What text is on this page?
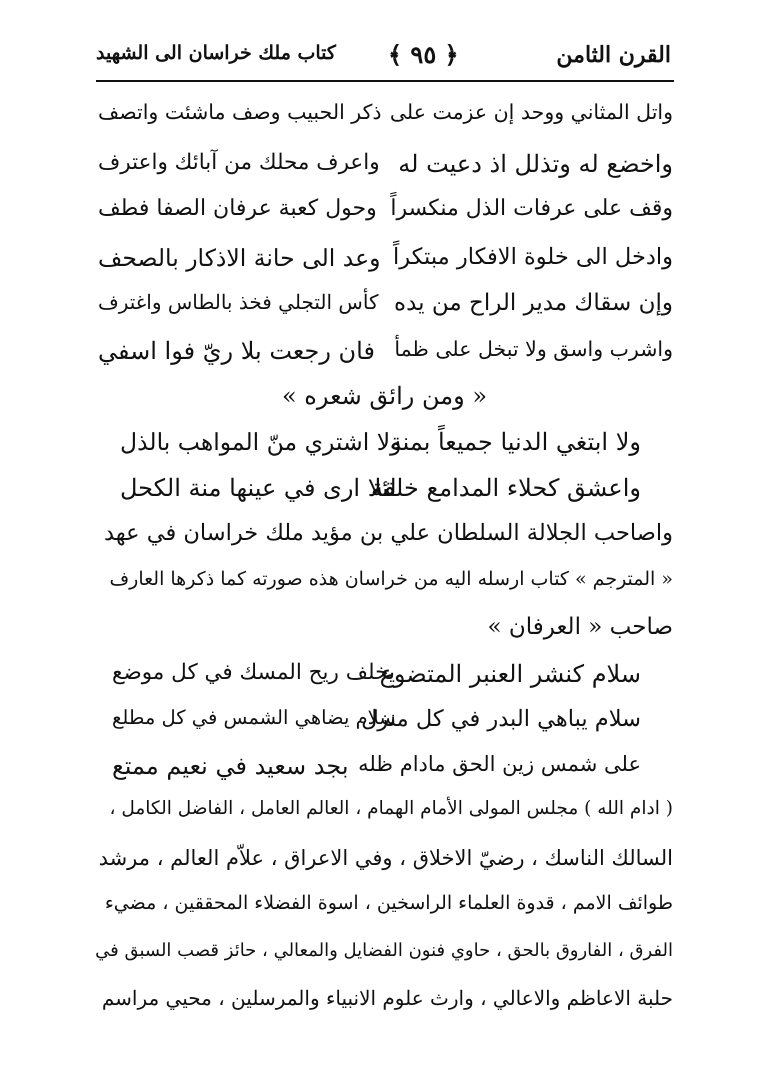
القرن الثامن
﴿ ٩٥ ﴾
كتاب ملك خراسان الى الشهيد
واتل المثاني ووحد إن عزمت على
ذكر الحبيب وصف ماشئت واتصف
واخضع له وتذلل اذ دعيت له
واعرف محلك من آبائك واعترف
وقف على عرفات الذل منكسراً
وحول كعبة عرفان الصفا فطف
وادخل الى خلوة الافكار مبتكراً
وعد الى حانة الاذكار بالصحف
وإن سقاك مدير الراح من يده
كأس التجلي فخذ بالطاس واغترف
واشرب واسق ولا تبخل على ظمأ
فان رجعت بلا ريّ فوا اسفي
« ومن رائق شعره »
ولا ابتغي الدنيا جميعاً بمنة
ولا اشتري منّ المواهب بالذل
واعشق كحلاء المدامع خلقة
لئلا ارى في عينها منة الكحل
واصاحب الجلالة السلطان علي بن مؤيد ملك خراسان في عهد
« المترجم » كتاب ارسله اليه من خراسان هذه صورته كما ذكرها العارف
صاحب « العرفان »
سلام كنشر العنبر المتضوع
يخلف ريح المسك في كل موضع
سلام يباهي البدر في كل منزل
سلام يضاهي الشمس في كل مطلع
على شمس زين الحق مادام ظله
بجد سعيد في نعيم ممتع
( ادام الله ) مجلس المولى الأمام الهمام ، العالم العامل ، الفاضل الكامل ،
السالك الناسك ، رضيّ الاخلاق ، وفي الاعراق ، علاّم العالم ، مرشد
طوائف الامم ، قدوة العلماء الراسخين ، اسوة الفضلاء المحققين ، مضيء
الفرق ، الفاروق بالحق ، حاوي فنون الفضايل والمعالي ، حائز قصب السبق في
حلبة الاعاظم والاعالي ، وارث علوم الانبياء والمرسلين ، محيي مراسم
